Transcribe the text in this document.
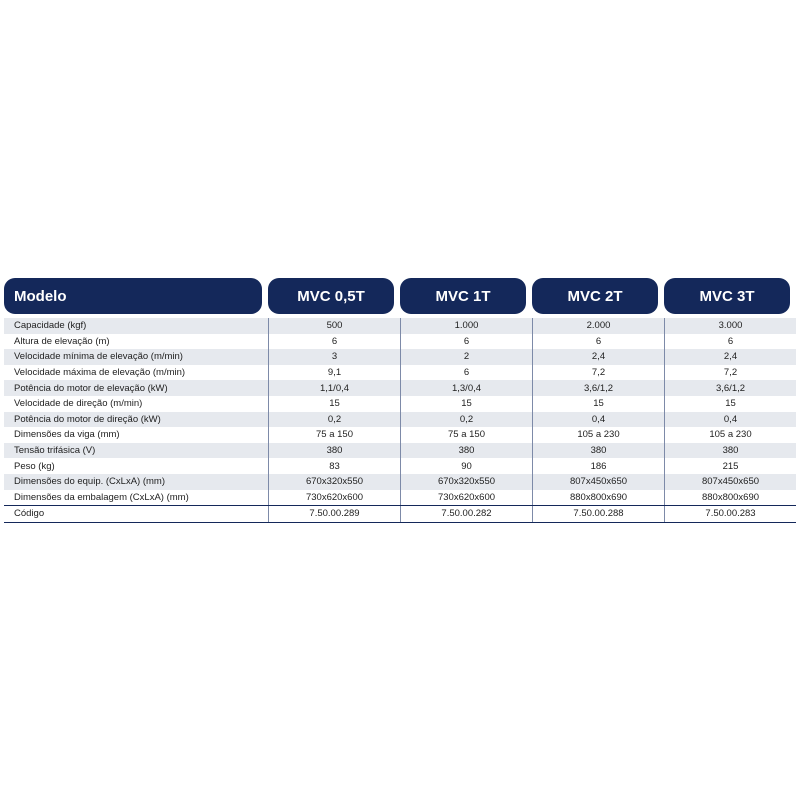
Modelo	MVC 0,5T	MVC 1T	MVC 2T	MVC 3T
Capacidade (kgf)	500	1.000	2.000	3.000
Altura de elevação (m)	6	6	6	6
Velocidade mínima de elevação (m/min)	3	2	2,4	2,4
Velocidade máxima de elevação (m/min)	9,1	6	7,2	7,2
Potência do motor de elevação (kW)	1,1/0,4	1,3/0,4	3,6/1,2	3,6/1,2
Velocidade de direção (m/min)	15	15	15	15
Potência do motor de direção (kW)	0,2	0,2	0,4	0,4
Dimensões da viga (mm)	75 a 150	75 a 150	105 a 230	105 a 230
Tensão trifásica (V)	380	380	380	380
Peso (kg)	83	90	186	215
Dimensões do equip. (CxLxA) (mm)	670x320x550	670x320x550	807x450x650	807x450x650
Dimensões da embalagem (CxLxA) (mm)	730x620x600	730x620x600	880x800x690	880x800x690
Código	7.50.00.289	7.50.00.282	7.50.00.288	7.50.00.283
